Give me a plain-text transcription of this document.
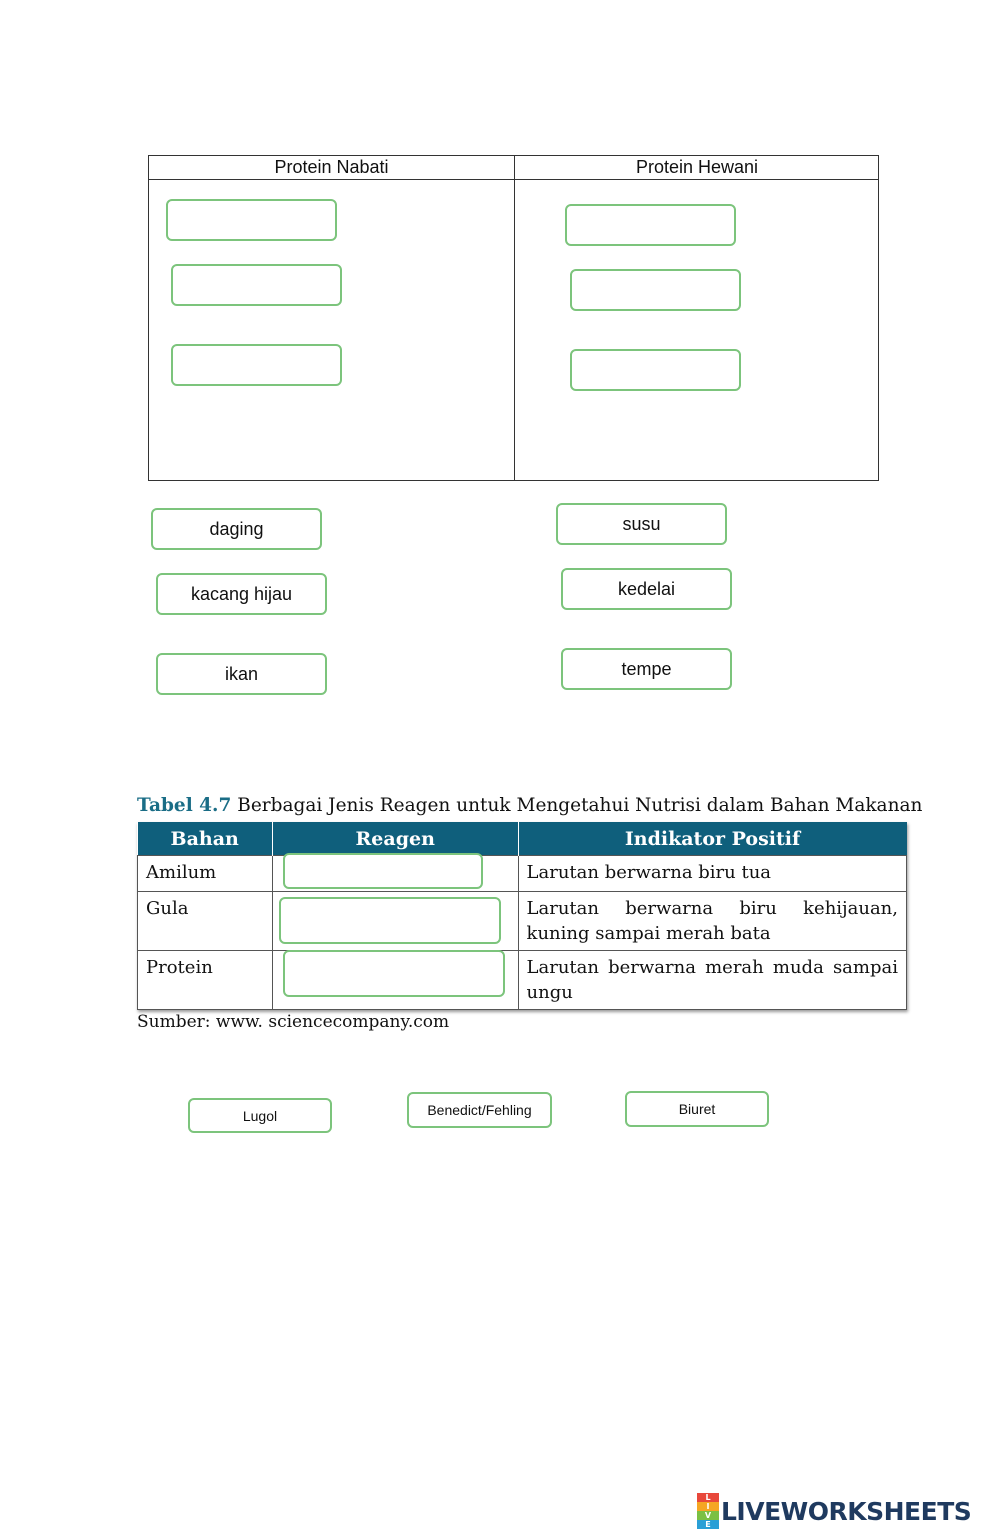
Protein Nabati	Protein Hewani
daging	susu
kacang hijau	kedelai
ikan	tempe
Tabel 4.7 Berbagai Jenis Reagen untuk Mengetahui Nutrisi dalam Bahan Makanan
Bahan	Reagen	Indikator Positif
Amilum		Larutan berwarna biru tua
Gula		Larutan berwarna biru kehijauan, kuning sampai merah bata
Protein		Larutan berwarna merah muda sampai ungu
Sumber: www. sciencecompany.com
Lugol	Benedict/Fehling	Biuret
L
I
V
E LIVEWORKSHEETS
